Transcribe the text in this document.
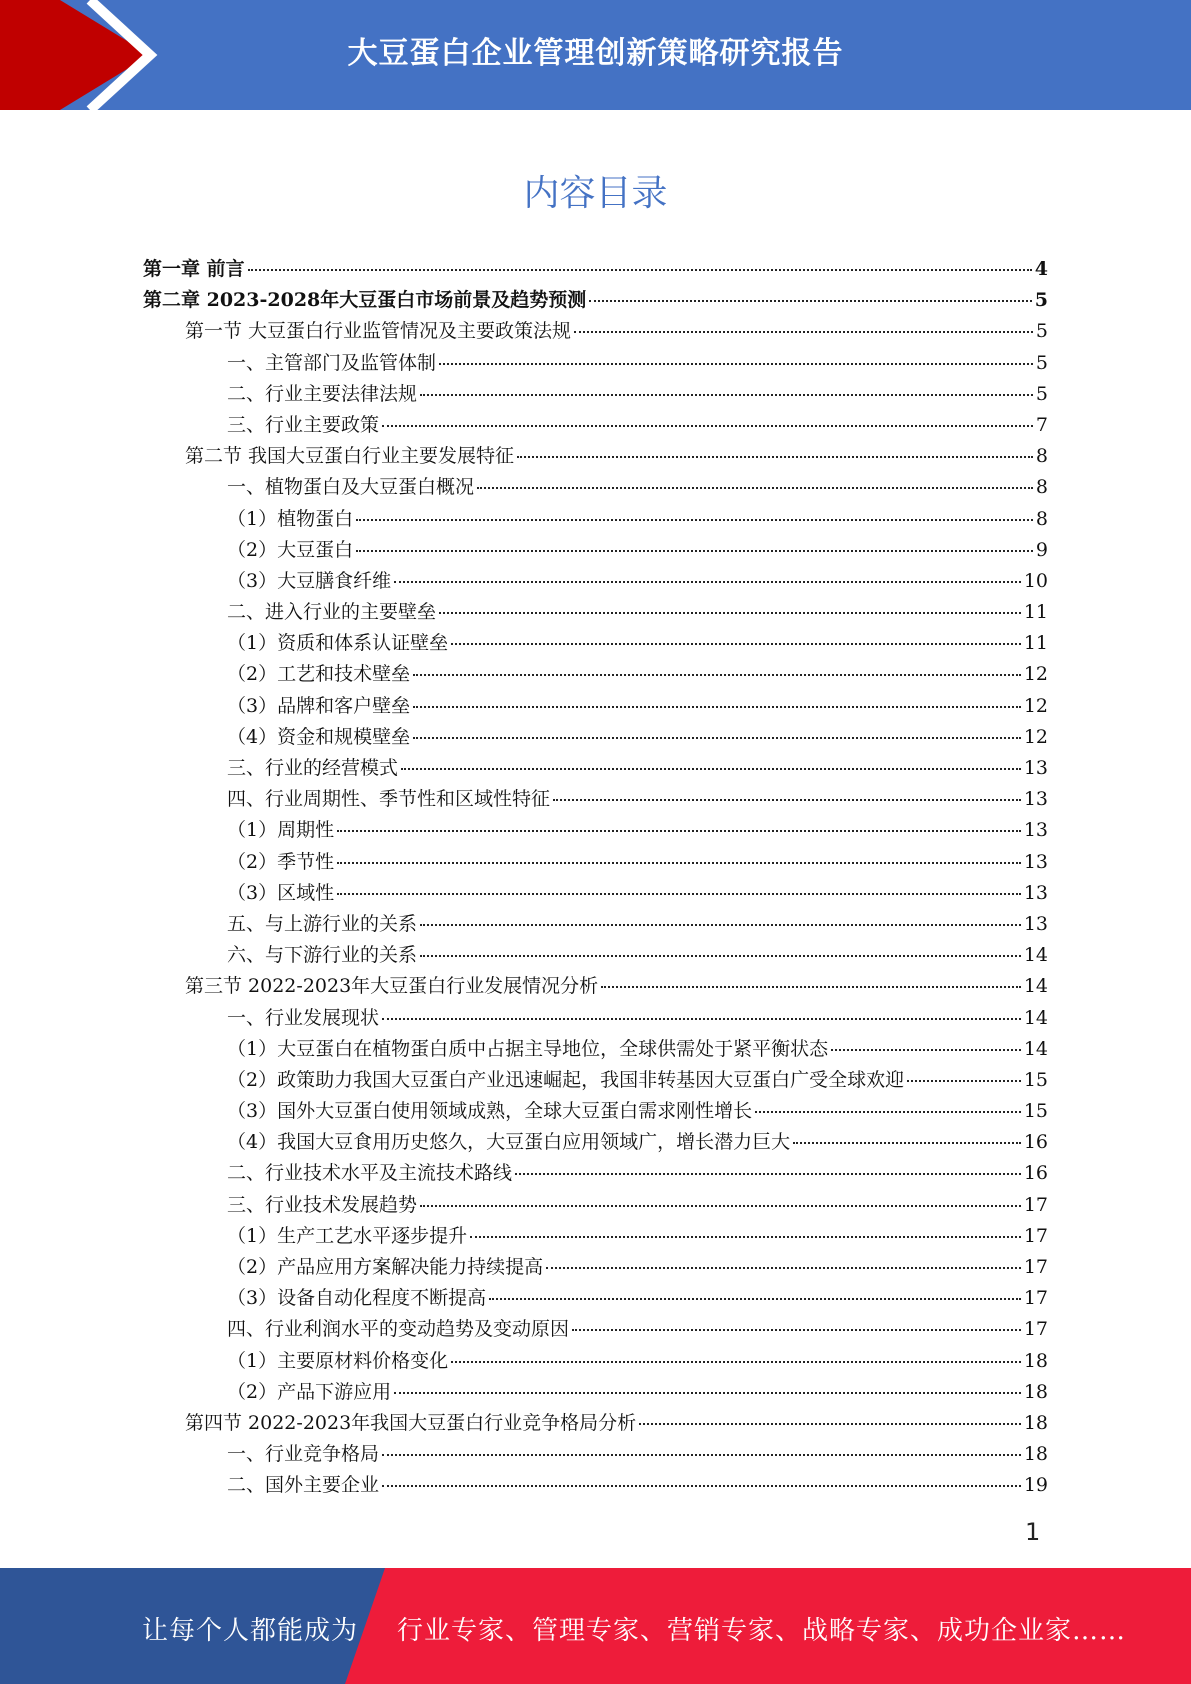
大豆蛋白企业管理创新策略研究报告
内容目录
第一章 前言	4
第二章 2023-2028年大豆蛋白市场前景及趋势预测	5
第一节 大豆蛋白行业监管情况及主要政策法规	5
一、主管部门及监管体制	5
二、行业主要法律法规	5
三、行业主要政策	7
第二节 我国大豆蛋白行业主要发展特征	8
一、植物蛋白及大豆蛋白概况	8
（1）植物蛋白	8
（2）大豆蛋白	9
（3）大豆膳食纤维	10
二、进入行业的主要壁垒	11
（1）资质和体系认证壁垒	11
（2）工艺和技术壁垒	12
（3）品牌和客户壁垒	12
（4）资金和规模壁垒	12
三、行业的经营模式	13
四、行业周期性、季节性和区域性特征	13
（1）周期性	13
（2）季节性	13
（3）区域性	13
五、与上游行业的关系	13
六、与下游行业的关系	14
第三节 2022-2023年大豆蛋白行业发展情况分析	14
一、行业发展现状	14
（1）大豆蛋白在植物蛋白质中占据主导地位，全球供需处于紧平衡状态	14
（2）政策助力我国大豆蛋白产业迅速崛起，我国非转基因大豆蛋白广受全球欢迎	15
（3）国外大豆蛋白使用领域成熟，全球大豆蛋白需求刚性增长	15
（4）我国大豆食用历史悠久，大豆蛋白应用领域广，增长潜力巨大	16
二、行业技术水平及主流技术路线	16
三、行业技术发展趋势	17
（1）生产工艺水平逐步提升	17
（2）产品应用方案解决能力持续提高	17
（3）设备自动化程度不断提高	17
四、行业利润水平的变动趋势及变动原因	17
（1）主要原材料价格变化	18
（2）产品下游应用	18
第四节 2022-2023年我国大豆蛋白行业竞争格局分析	18
一、行业竞争格局	18
二、国外主要企业	19
1
让每个人都能成为 行业专家、管理专家、营销专家、战略专家、成功企业家……
